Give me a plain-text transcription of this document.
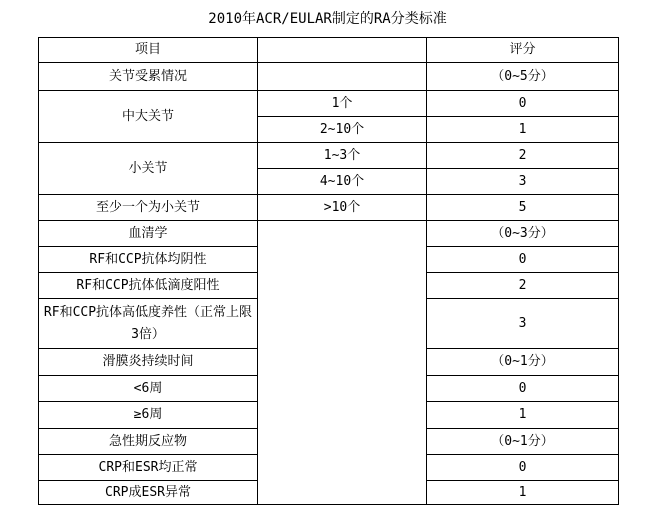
2010年ACR/EULAR制定的RA分类标准
项目		评分
关节受累情况		（0~5分）
中大关节	1个	0
	2~10个	1
小关节	1~3个	2
	4~10个	3
至少一个为小关节	>10个	5
血清学		（0~3分）
RF和CCP抗体均阴性		0
RF和CCP抗体低滴度阳性		2
RF和CCP抗体高低度养性（正常上限3倍）		3
滑膜炎持续时间		（0~1分）
<6周		0
≥6周		1
急性期反应物		（0~1分）
CRP和ESR均正常		0
CRP成ESR异常		1
